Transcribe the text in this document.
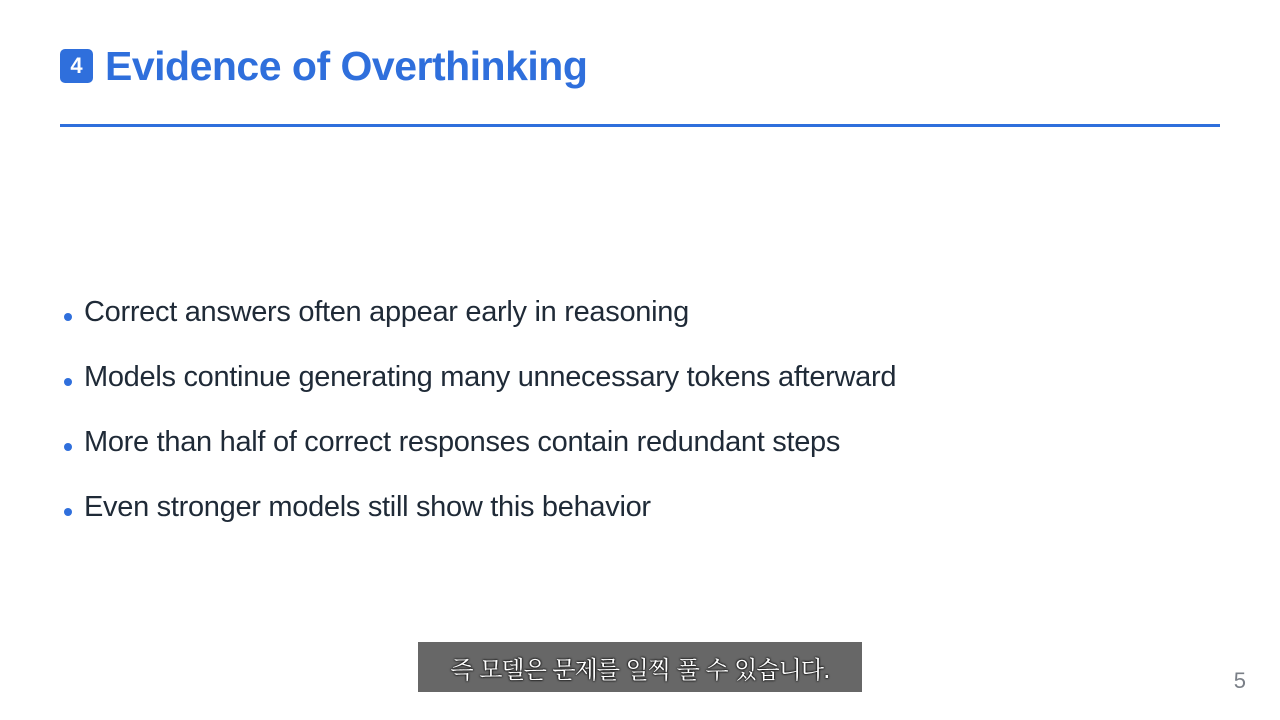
4 Evidence of Overthinking
Correct answers often appear early in reasoning
Models continue generating many unnecessary tokens afterward
More than half of correct responses contain redundant steps
Even stronger models still show this behavior
즉 모델은 문제를 일찍 풀 수 있습니다.	5
